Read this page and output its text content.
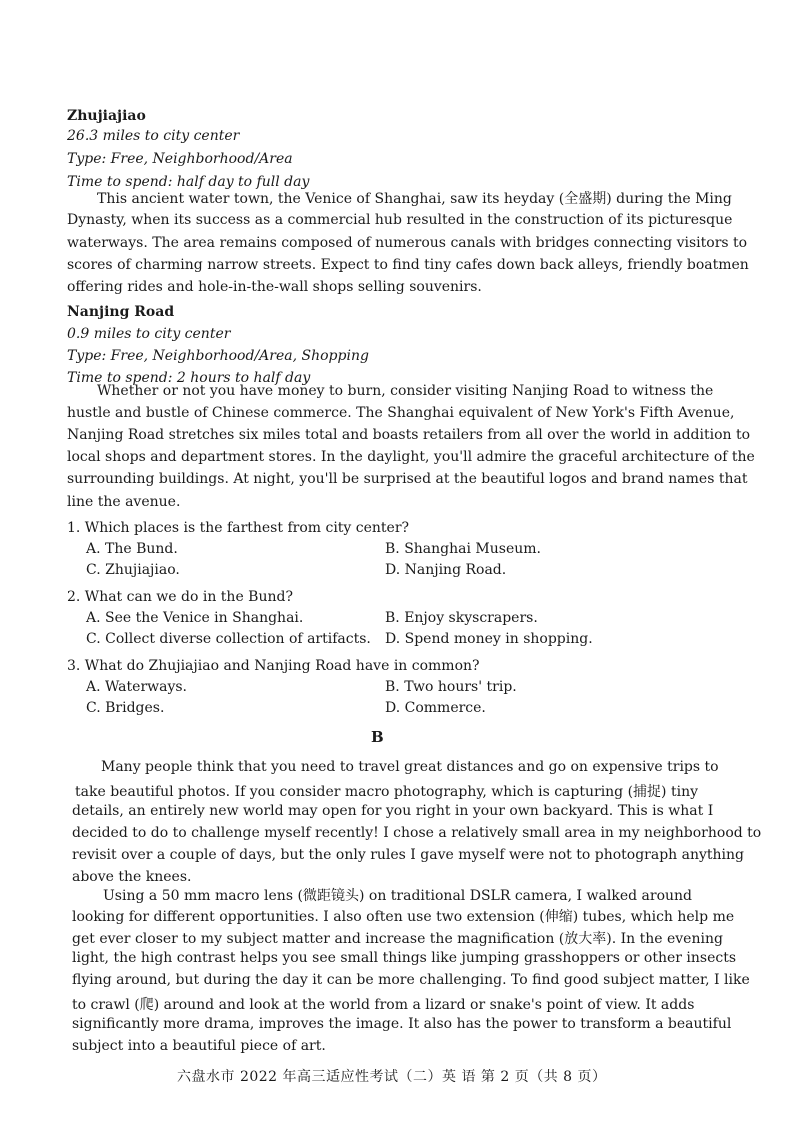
Zhujiajiao
26.3 miles to city center
Type: Free, Neighborhood/Area
Time to spend: half day to full day
This ancient water town, the Venice of Shanghai, saw its heyday (全盛期) during the Ming
Dynasty, when its success as a commercial hub resulted in the construction of its picturesque
waterways. The area remains composed of numerous canals with bridges connecting visitors to
scores of charming narrow streets. Expect to find tiny cafes down back alleys, friendly boatmen
offering rides and hole-in-the-wall shops selling souvenirs.
Nanjing Road
0.9 miles to city center
Type: Free, Neighborhood/Area, Shopping
Time to spend: 2 hours to half day
Whether or not you have money to burn, consider visiting Nanjing Road to witness the
hustle and bustle of Chinese commerce. The Shanghai equivalent of New York's Fifth Avenue,
Nanjing Road stretches six miles total and boasts retailers from all over the world in addition to
local shops and department stores. In the daylight, you'll admire the graceful architecture of the
surrounding buildings. At night, you'll be surprised at the beautiful logos and brand names that
line the avenue.
1. Which places is the farthest from city center?
A. The Bund.	B. Shanghai Museum.
C. Zhujiajiao.	D. Nanjing Road.
2. What can we do in the Bund?
A. See the Venice in Shanghai.	B. Enjoy skyscrapers.
C. Collect diverse collection of artifacts. D. Spend money in shopping.
3. What do Zhujiajiao and Nanjing Road have in common?
A. Waterways.	B. Two hours' trip.
C. Bridges.	D. Commerce.
B
Many people think that you need to travel great distances and go on expensive trips to
take beautiful photos. If you consider macro photography, which is capturing (捕捉) tiny
details, an entirely new world may open for you right in your own backyard. This is what I
decided to do to challenge myself recently! I chose a relatively small area in my neighborhood to
revisit over a couple of days, but the only rules I gave myself were not to photograph anything
above the knees.
Using a 50 mm macro lens (微距镜头) on traditional DSLR camera, I walked around
looking for different opportunities. I also often use two extension (伸缩) tubes, which help me
get ever closer to my subject matter and increase the magnification (放大率). In the evening
light, the high contrast helps you see small things like jumping grasshoppers or other insects
flying around, but during the day it can be more challenging. To find good subject matter, I like
to crawl (爬) around and look at the world from a lizard or snake's point of view. It adds
significantly more drama, improves the image. It also has the power to transform a beautiful
subject into a beautiful piece of art.
六盘水市 2022 年高三适应性考试（二）英 语 第 2 页（共 8 页）
